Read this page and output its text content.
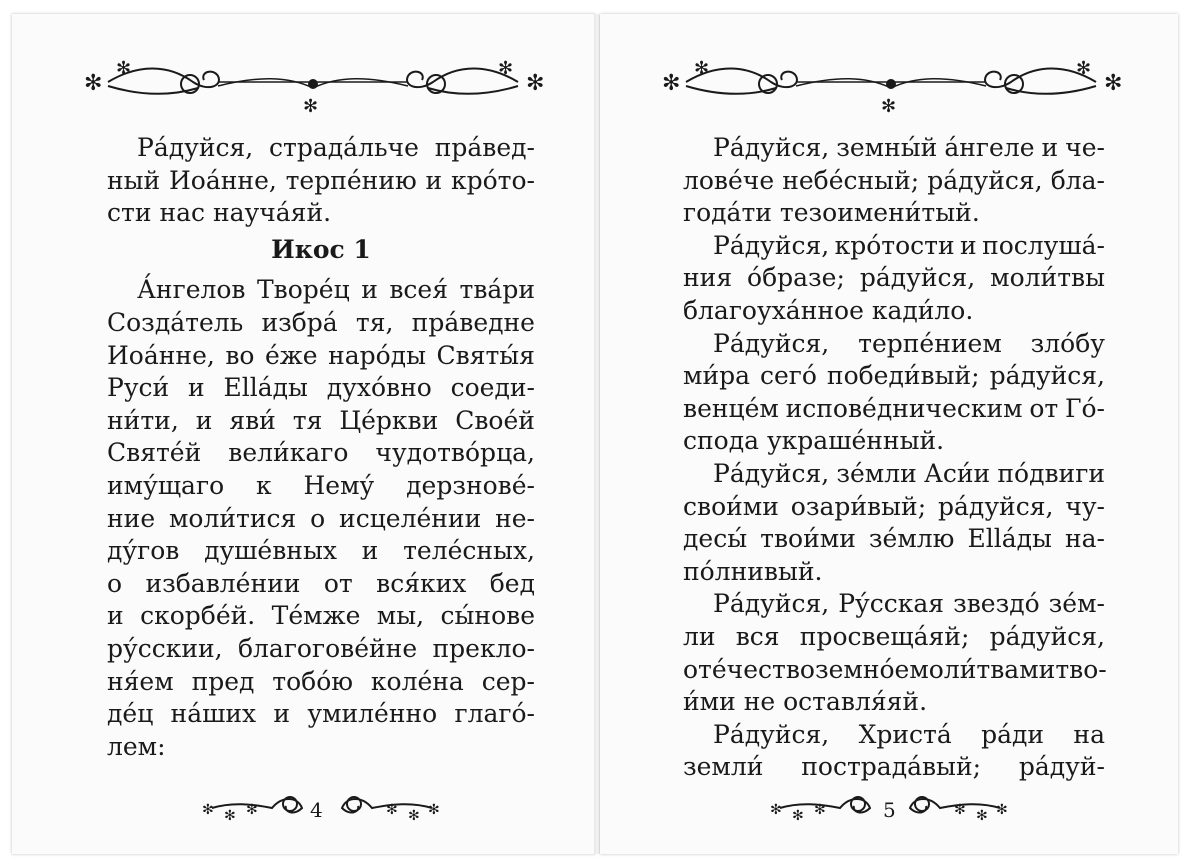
✻
✻
✻
✻
✻
Ра́дуйся, страда́льче пра́вед-
ный Иоа́нне, терпе́нию и кро́то-
сти нас науча́яй.
Икос 1
А́нгелов Творе́ц и всея́ тва́ри
Созда́тель избра́ тя, пра́ведне
Иоа́нне, во е́же наро́ды Святы́я
Руси́ и Elláды духо́вно соеди-
ни́ти, и яви́ тя Це́ркви Свое́й
Святе́й вели́каго чудотво́рца,
иму́щаго к Нему́ дерзнове́-
ние моли́тися о исцеле́нии не-
ду́гов душе́вных и теле́сных,
о избавле́нии от вся́ких бед
и скорбе́й. Те́мже мы, сы́нове
ру́сскии, благогове́йне преклo-
ня́ем пред тобо́ю коле́на сер-
де́ц на́ших и умиле́нно глаго́-
лем:
✻ ✻ ✻	✻ ✻ ✻
4
✻
✻
✻
✻
✻
Ра́дуйся, земны́й а́нгеле и че-
лове́че небе́сный; ра́дуйся, бла-
года́ти тезоимени́тый.
Ра́дуйся, кро́тости и послуша́-
ния о́бразе; ра́дуйся, моли́твы
благоуха́нное кади́ло.
Ра́дуйся, терпе́нием зло́бу
ми́ра сего́ победи́вый; ра́дуйся,
венце́м испове́дническим от Го́-
спода украше́нный.
Ра́дуйся, зе́мли Аси́и по́двиги
свои́ми озари́вый; ра́дуйся, чу-
десы́ твои́ми зе́млю Elláды на-
по́лнивый.
Ра́дуйся, Ру́сская звездо́ зе́м-
ли вся просвеща́яй; ра́дуйся,
оте́чество земно́е моли́твами тво-
и́ми не оставля́яй.
Ра́дуйся, Христа́ ра́ди на
земли́ пострада́вый; ра́дуй-
✻ ✻ ✻	✻ ✻ ✻
5
